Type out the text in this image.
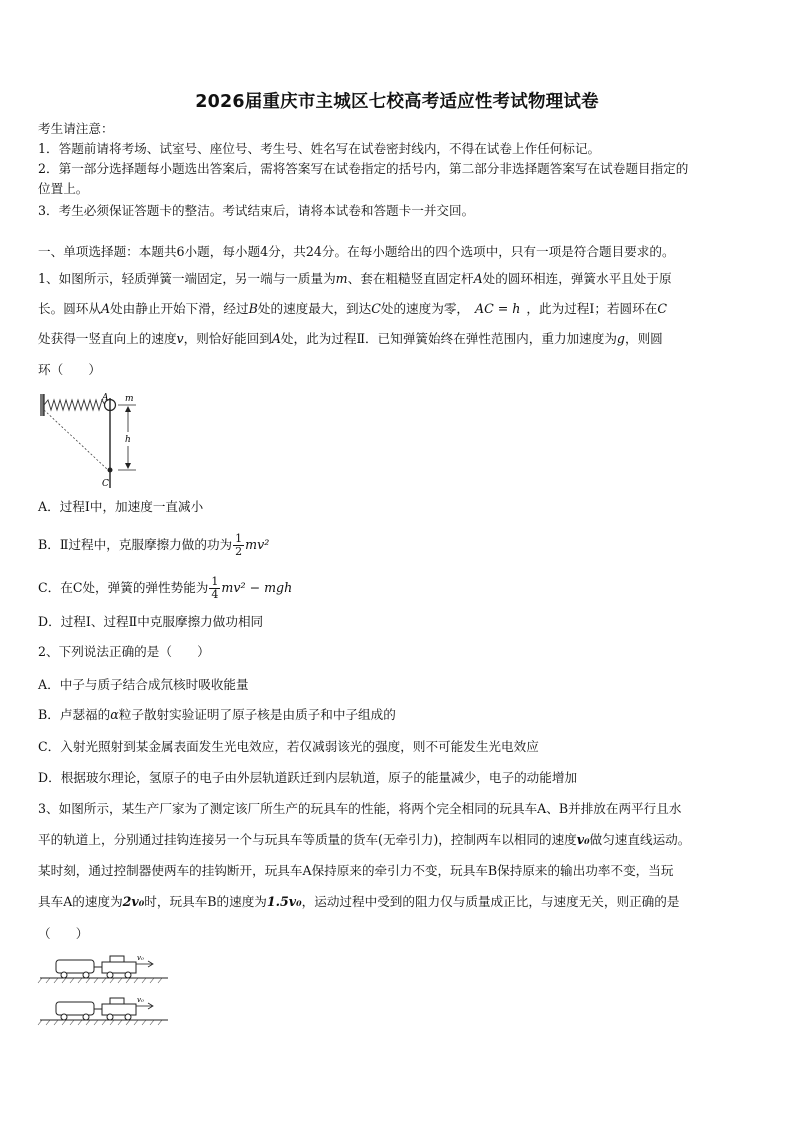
2026届重庆市主城区七校高考适应性考试物理试卷
考生请注意：
1．答题前请将考场、试室号、座位号、考生号、姓名写在试卷密封线内，不得在试卷上作任何标记。
2．第一部分选择题每小题选出答案后，需将答案写在试卷指定的括号内，第二部分非选择题答案写在试卷题目指定的
位置上。
3．考生必须保证答题卡的整洁。考试结束后，请将本试卷和答题卡一并交回。
一、单项选择题：本题共6小题，每小题4分，共24分。在每小题给出的四个选项中，只有一项是符合题目要求的。
1、如图所示，轻质弹簧一端固定，另一端与一质量为m、套在粗糙竖直固定杆A处的圆环相连，弹簧水平且处于原
长。圆环从A处由静止开始下滑，经过B处的速度最大，到达C处的速度为零， AC = h ，此为过程Ⅰ；若圆环在C
处获得一竖直向上的速度v，则恰好能回到A处，此为过程Ⅱ．已知弹簧始终在弹性范围内，重力加速度为g，则圆
环（　　）
A
C
m
h
A．过程Ⅰ中，加速度一直减小
B．Ⅱ过程中，克服摩擦力做的功为 $\frac{1}{2} mv^2$
C．在C处，弹簧的弹性势能为 $\frac{1}{4} mv^2$ − mgh
D．过程Ⅰ、过程Ⅱ中克服摩擦力做功相同
2、下列说法正确的是（　　）
A．中子与质子结合成氘核时吸收能量
B．卢瑟福的α粒子散射实验证明了原子核是由质子和中子组成的
C．入射光照射到某金属表面发生光电效应，若仅减弱该光的强度，则不可能发生光电效应
D．根据玻尔理论，氢原子的电子由外层轨道跃迁到内层轨道，原子的能量减少，电子的动能增加
3、如图所示，某生产厂家为了测定该厂所生产的玩具车的性能，将两个完全相同的玩具车A、B并排放在两平行且水
平的轨道上，分别通过挂钩连接另一个与玩具车等质量的货车(无牵引力)，控制两车以相同的速度v₀做匀速直线运动。
某时刻，通过控制器使两车的挂钩断开，玩具车A保持原来的牵引力不变，玩具车B保持原来的输出功率不变，当玩
具车A的速度为2v₀时，玩具车B的速度为1.5v₀，运动过程中受到的阻力仅与质量成正比，与速度无关，则正确的是
（　　）
v₀
v₀
